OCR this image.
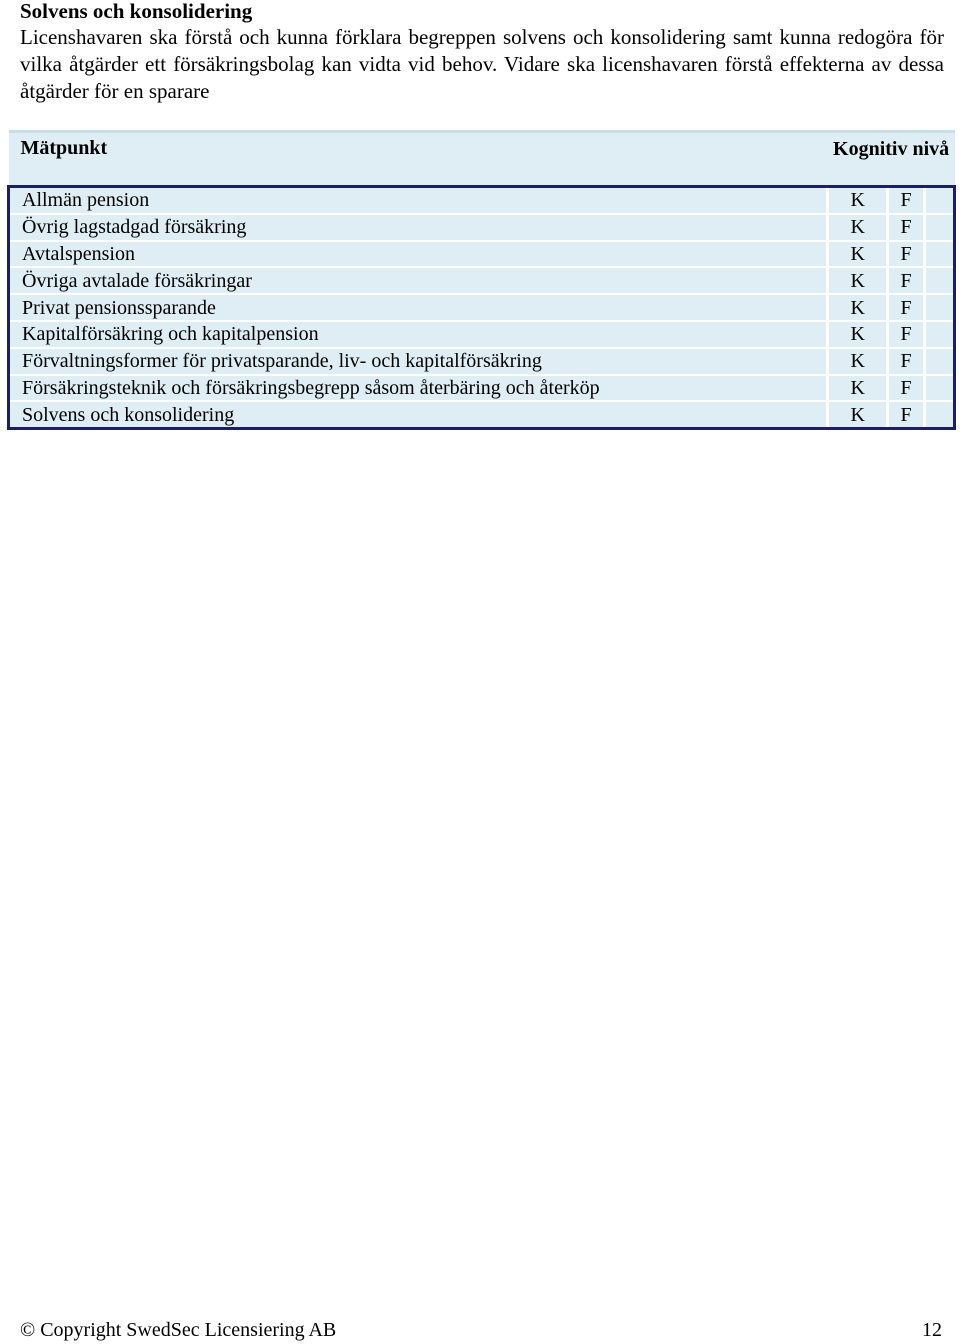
Solvens och konsolidering

Licenshavaren ska förstå och kunna förklara begreppen solvens och konsolidering samt kunna redogöra för vilka åtgärder ett försäkringsbolag kan vidta vid behov. Vidare ska licenshavaren förstå effekterna av dessa åtgärder för en sparare

Mätpunkt	Kognitiv nivå		
Allmän pension	K	F	
Övrig lagstadgad försäkring	K	F	
Avtalspension	K	F	
Övriga avtalade försäkringar	K	F	
Privat pensionssparande	K	F	
Kapitalförsäkring och kapitalpension	K	F	
Förvaltningsformer för privatsparande, liv- och kapitalförsäkring	K	F	
Försäkringsteknik och försäkringsbegrepp såsom återbäring och återköp	K	F	
Solvens och konsolidering	K	F	
© Copyright SwedSec Licensiering AB	12
